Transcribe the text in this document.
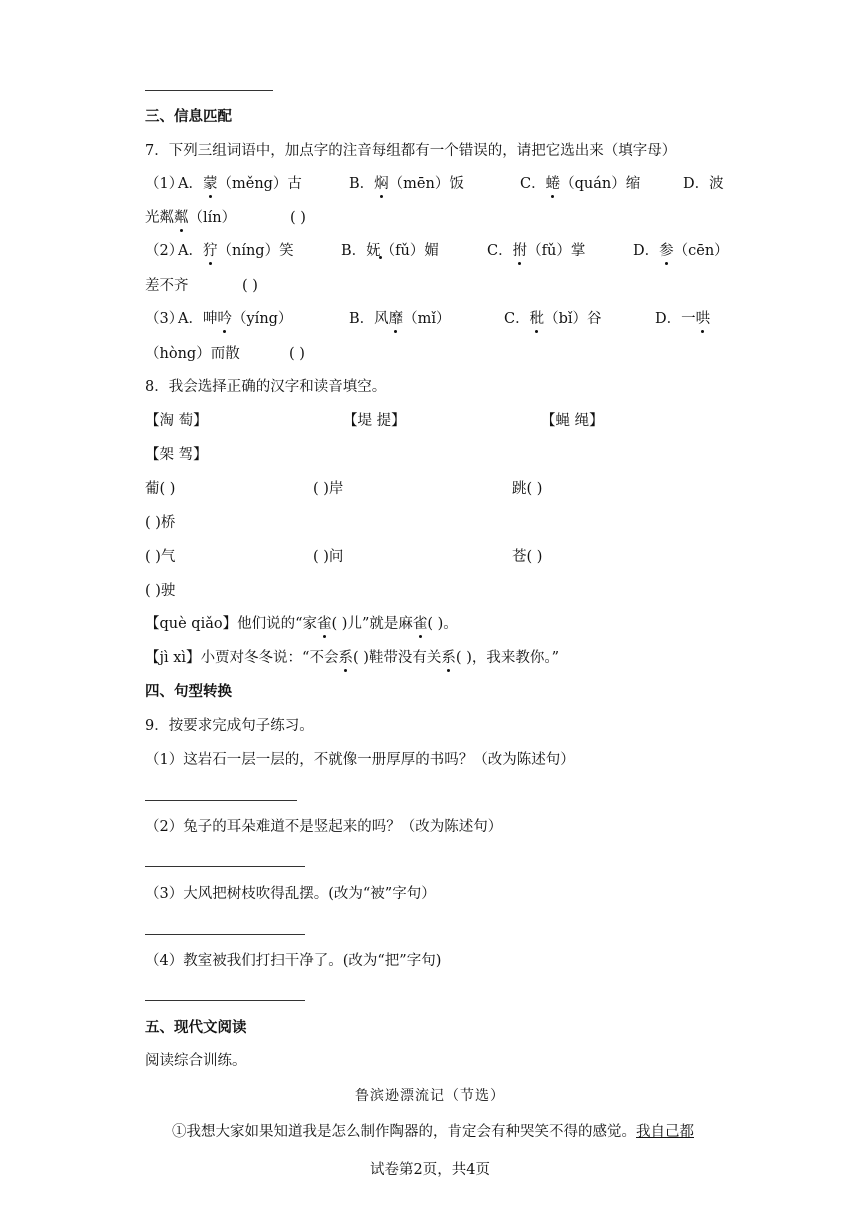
三、信息匹配
7．下列三组词语中，加点字的注音每组都有一个错误的，请把它选出来（填字母）
（1）
A．蒙（měng）古	B．焖（mēn）饭	C．蜷（quán）缩	D．波
光粼粼（lín）	( )
（2）
A．狞（níng）笑	B．妩（fǔ）媚	C．拊（fǔ）掌	D．参（cēn）
差不齐	( )
（3）
A．呻吟（yíng）	B．风靡（mǐ）	C．秕（bǐ）谷	D．一哄
（hòng）而散	( )
8．我会选择正确的汉字和读音填空。
【淘 萄】	【堤 提】	【蝇 绳】
【架 驾】
葡( )	( )岸	跳( )
( )桥
( )气	( )问	苍( )
( )驶
【què qiǎo】他们说的“家雀( )儿”就是麻雀( )。
【jì xì】小贾对冬冬说：“不会系( )鞋带没有关系( )，我来教你。”
四、句型转换
9．按要求完成句子练习。
（1）这岩石一层一层的，不就像一册厚厚的书吗？（改为陈述句）
（2）兔子的耳朵难道不是竖起来的吗？（改为陈述句）
（3）大风把树枝吹得乱摆。(改为“被”字句）
（4）教室被我们打扫干净了。(改为“把”字句)
五、现代文阅读
阅读综合训练。
鲁滨逊漂流记（节选）
①我想大家如果知道我是怎么制作陶器的，肯定会有种哭笑不得的感觉。我自己都
试卷第2页，共4页
